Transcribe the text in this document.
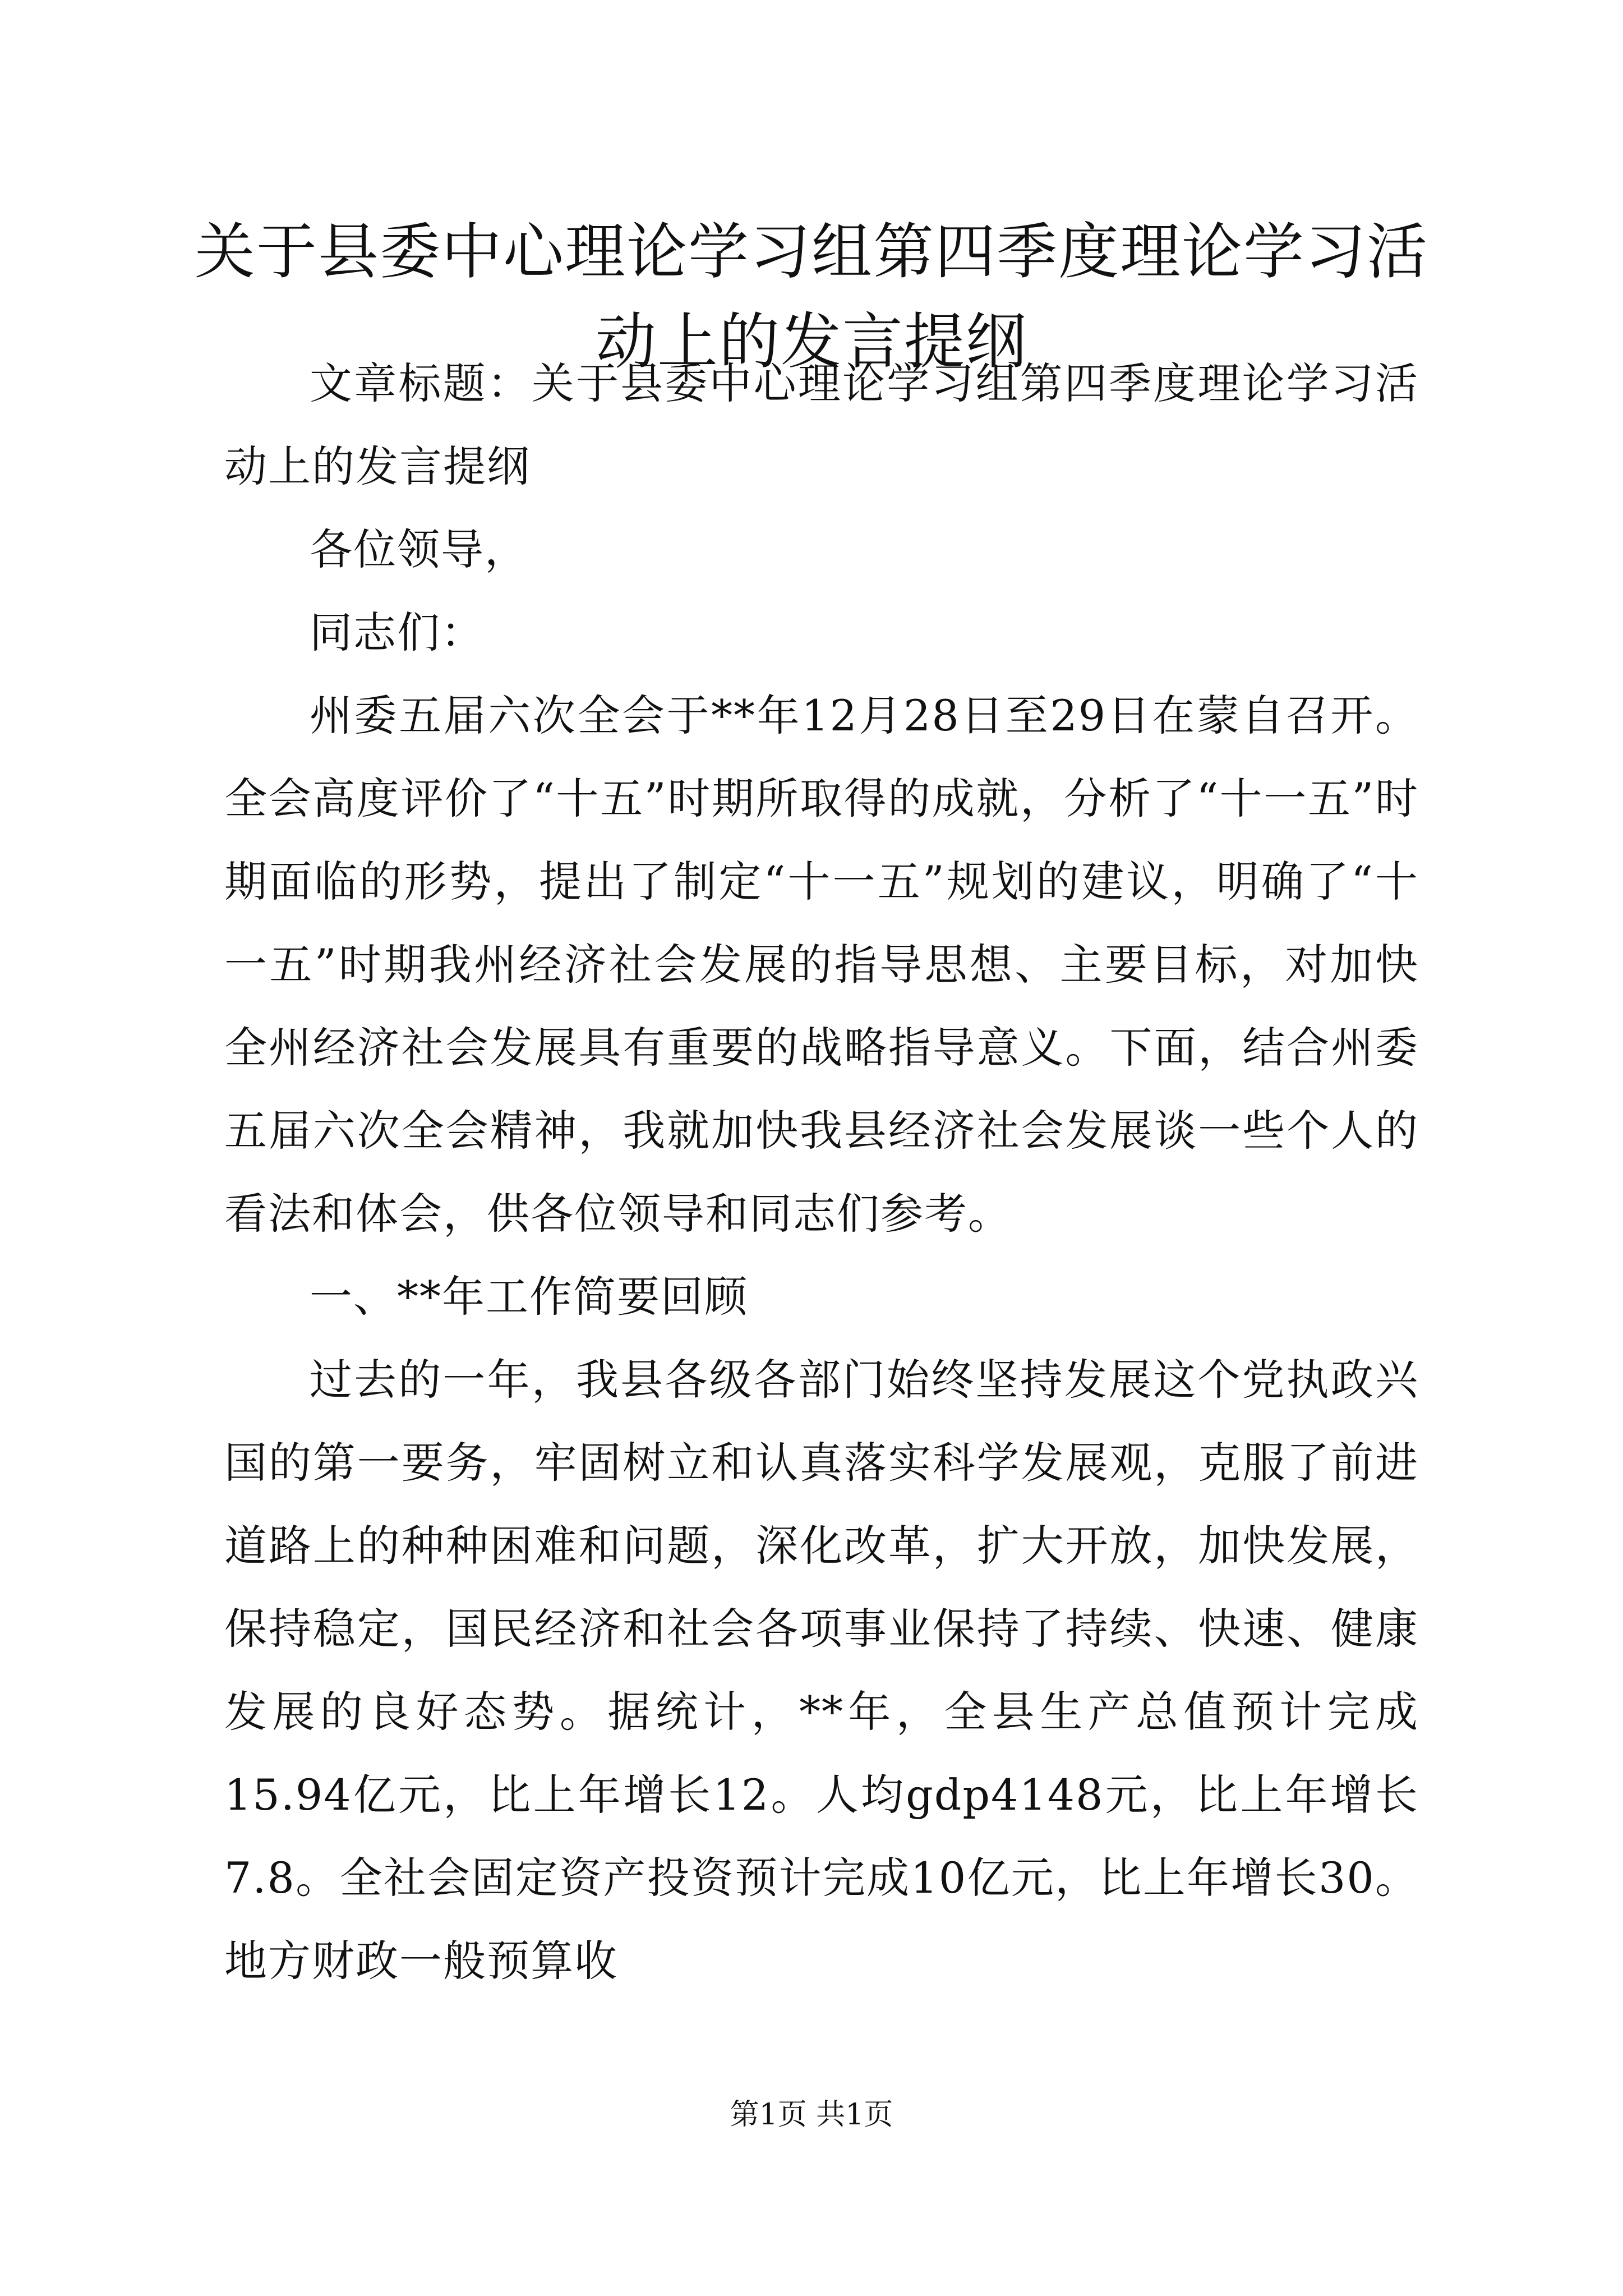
关于县委中心理论学习组第四季度理论学习活动上的发言提纲

文章标题：关于县委中心理论学习组第四季度理论学习活动上的发言提纲

各位领导，

同志们：

州委五届六次全会于**年12月28日至29日在蒙自召开。全会高度评价了“十五”时期所取得的成就，分析了“十一五”时期面临的形势，提出了制定“十一五”规划的建议，明确了“十一五”时期我州经济社会发展的指导思想、主要目标，对加快全州经济社会发展具有重要的战略指导意义。下面，结合州委五届六次全会精神，我就加快我县经济社会发展谈一些个人的看法和体会，供各位领导和同志们参考。

一、**年工作简要回顾

过去的一年，我县各级各部门始终坚持发展这个党执政兴国的第一要务，牢固树立和认真落实科学发展观，克服了前进道路上的种种困难和问题，深化改革，扩大开放，加快发展，保持稳定，国民经济和社会各项事业保持了持续、快速、健康发展的良好态势。据统计，**年，全县生产总值预计完成15.94亿元，比上年增长12。人均gdp4148元，比上年增长7.8。全社会固定资产投资预计完成10亿元，比上年增长30。地方财政一般预算收

第1页 共1页
